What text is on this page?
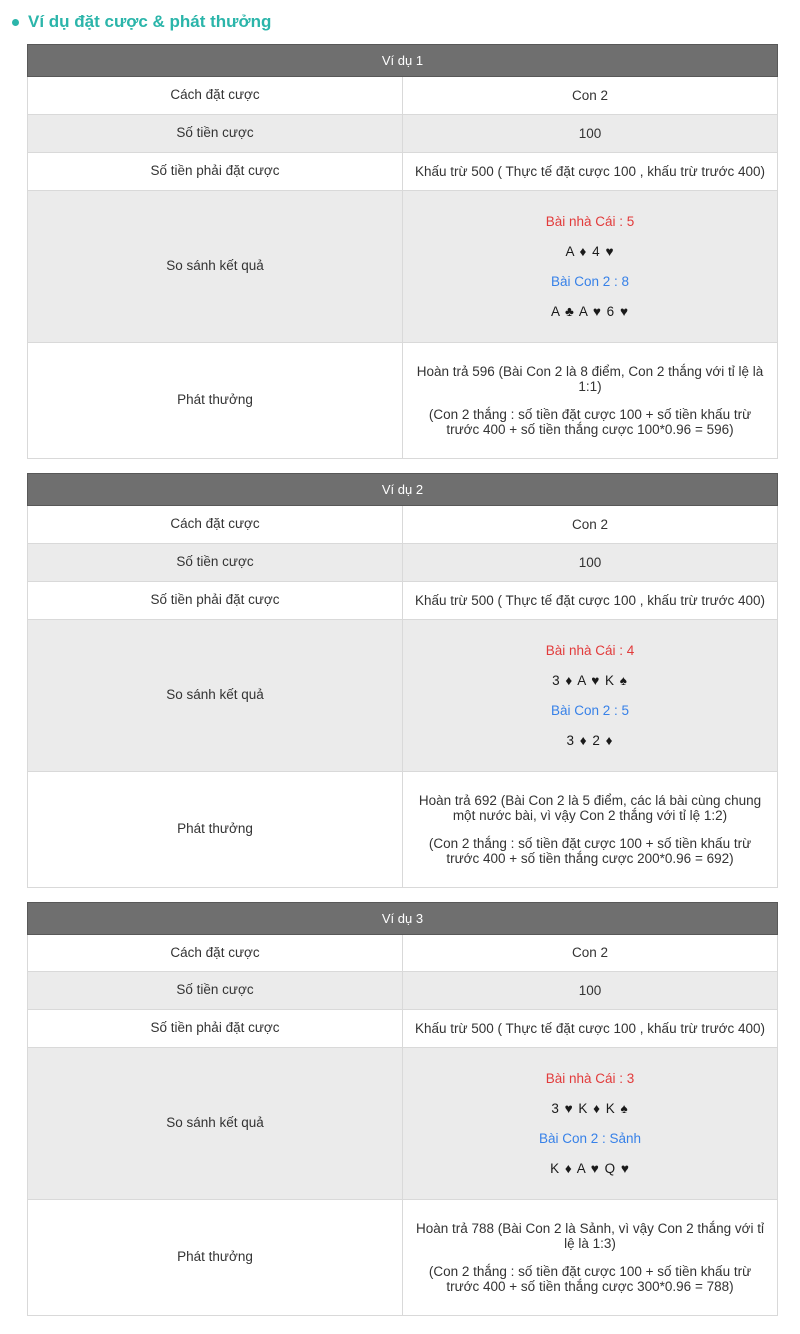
Ví dụ đặt cược & phát thưởng
Ví dụ 1	
Cách đặt cược	Con 2
Số tiền cược	100
Số tiền phải đặt cược	Khấu trừ 500 ( Thực tế đặt cược 100 , khấu trừ trước 400)
So sánh kết quả	Bài nhà Cái : 5

A ♦ 4 ♥

Bài Con 2 : 8

A ♣ A ♥ 6 ♥

Phát thưởng	Hoàn trả 596 (Bài Con 2 là 8 điểm, Con 2 thắng với tỉ lệ là 1:1)

(Con 2 thắng : số tiền đặt cược 100 + số tiền khấu trừ trước 400 + số tiền thắng cược 100*0.96 = 596)

Ví dụ 2	
Cách đặt cược	Con 2
Số tiền cược	100
Số tiền phải đặt cược	Khấu trừ 500 ( Thực tế đặt cược 100 , khấu trừ trước 400)
So sánh kết quả	Bài nhà Cái : 4

3 ♦ A ♥ K ♠

Bài Con 2 : 5

3 ♦ 2 ♦

Phát thưởng	Hoàn trả 692 (Bài Con 2 là 5 điểm, các lá bài cùng chung một nước bài, vì vậy Con 2 thắng với tỉ lệ 1:2)

(Con 2 thắng : số tiền đặt cược 100 + số tiền khấu trừ trước 400 + số tiền thắng cược 200*0.96 = 692)

Ví dụ 3	
Cách đặt cược	Con 2
Số tiền cược	100
Số tiền phải đặt cược	Khấu trừ 500 ( Thực tế đặt cược 100 , khấu trừ trước 400)
So sánh kết quả	Bài nhà Cái : 3

3 ♥ K ♦ K ♠

Bài Con 2 : Sảnh

K ♦ A ♥ Q ♥

Phát thưởng	Hoàn trả 788 (Bài Con 2 là Sảnh, vì vậy Con 2 thắng với tỉ lệ là 1:3)

(Con 2 thắng : số tiền đặt cược 100 + số tiền khấu trừ trước 400 + số tiền thắng cược 300*0.96 = 788)
